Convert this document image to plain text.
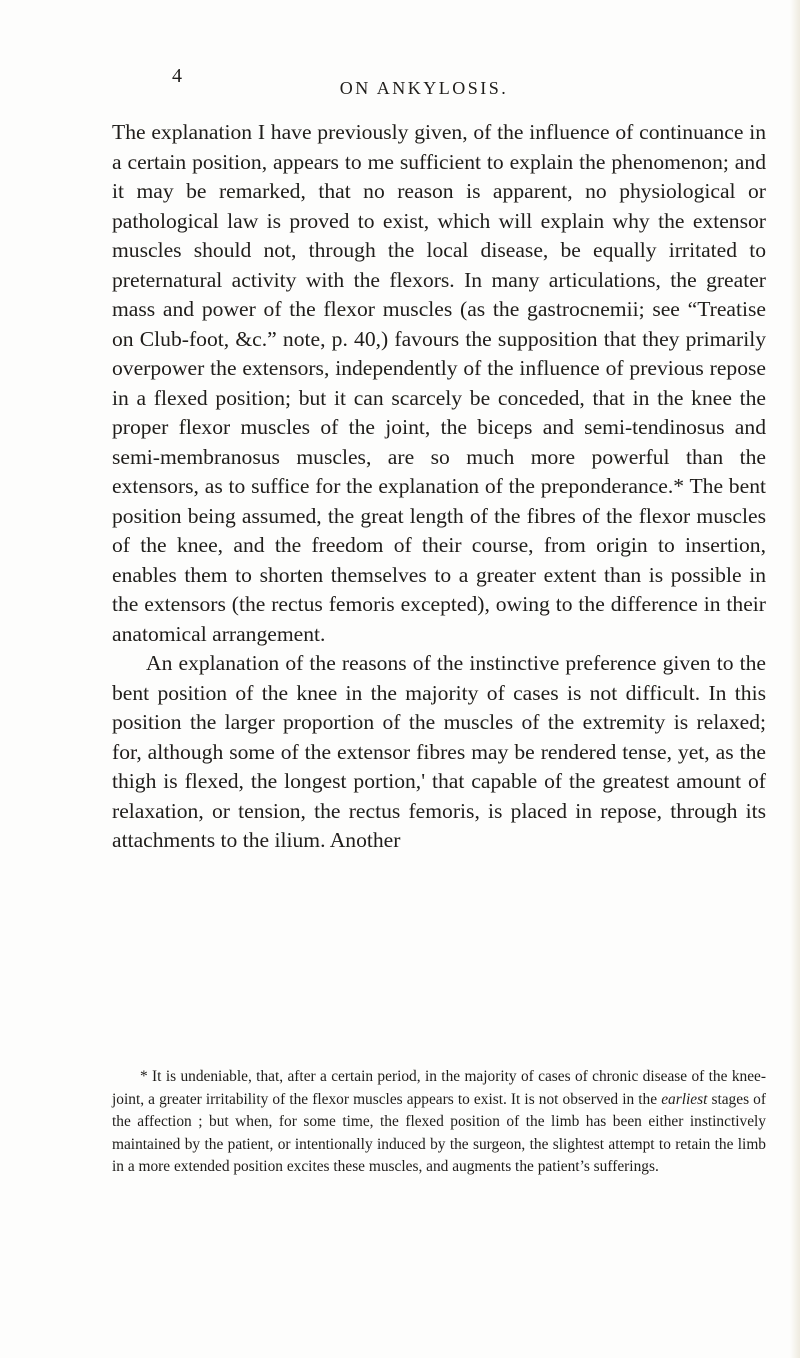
4
ON ANKYLOSIS.

The explanation I have previously given, of the influence of continuance in a certain position, appears to me sufficient to explain the phenomenon; and it may be remarked, that no reason is apparent, no physiological or pathological law is proved to exist, which will explain why the extensor muscles should not, through the local disease, be equally irritated to preternatural activity with the flexors. In many articulations, the greater mass and power of the flexor muscles (as the gastrocnemii; see “Treatise on Club-foot, &c.” note, p. 40,) favours the supposition that they primarily overpower the extensors, independently of the influence of previous repose in a flexed position; but it can scarcely be conceded, that in the knee the proper flexor muscles of the joint, the biceps and semi-tendinosus and semi-membranosus muscles, are so much more powerful than the extensors, as to suffice for the explanation of the preponderance.* The bent position being assumed, the great length of the fibres of the flexor muscles of the knee, and the freedom of their course, from origin to insertion, enables them to shorten themselves to a greater extent than is possible in the extensors (the rectus femoris excepted), owing to the difference in their anatomical arrangement.

An explanation of the reasons of the instinctive preference given to the bent position of the knee in the majority of cases is not difficult. In this position the larger proportion of the muscles of the extremity is relaxed; for, although some of the extensor fibres may be rendered tense, yet, as the thigh is flexed, the longest portion,' that capable of the greatest amount of relaxation, or tension, the rectus femoris, is placed in repose, through its attachments to the ilium. Another

* It is undeniable, that, after a certain period, in the majority of cases of chronic disease of the knee-joint, a greater irritability of the flexor muscles appears to exist. It is not observed in the earliest stages of the affection ; but when, for some time, the flexed position of the limb has been either instinctively maintained by the patient, or intentionally induced by the surgeon, the slightest attempt to retain the limb in a more extended position excites these muscles, and augments the patient’s sufferings.
